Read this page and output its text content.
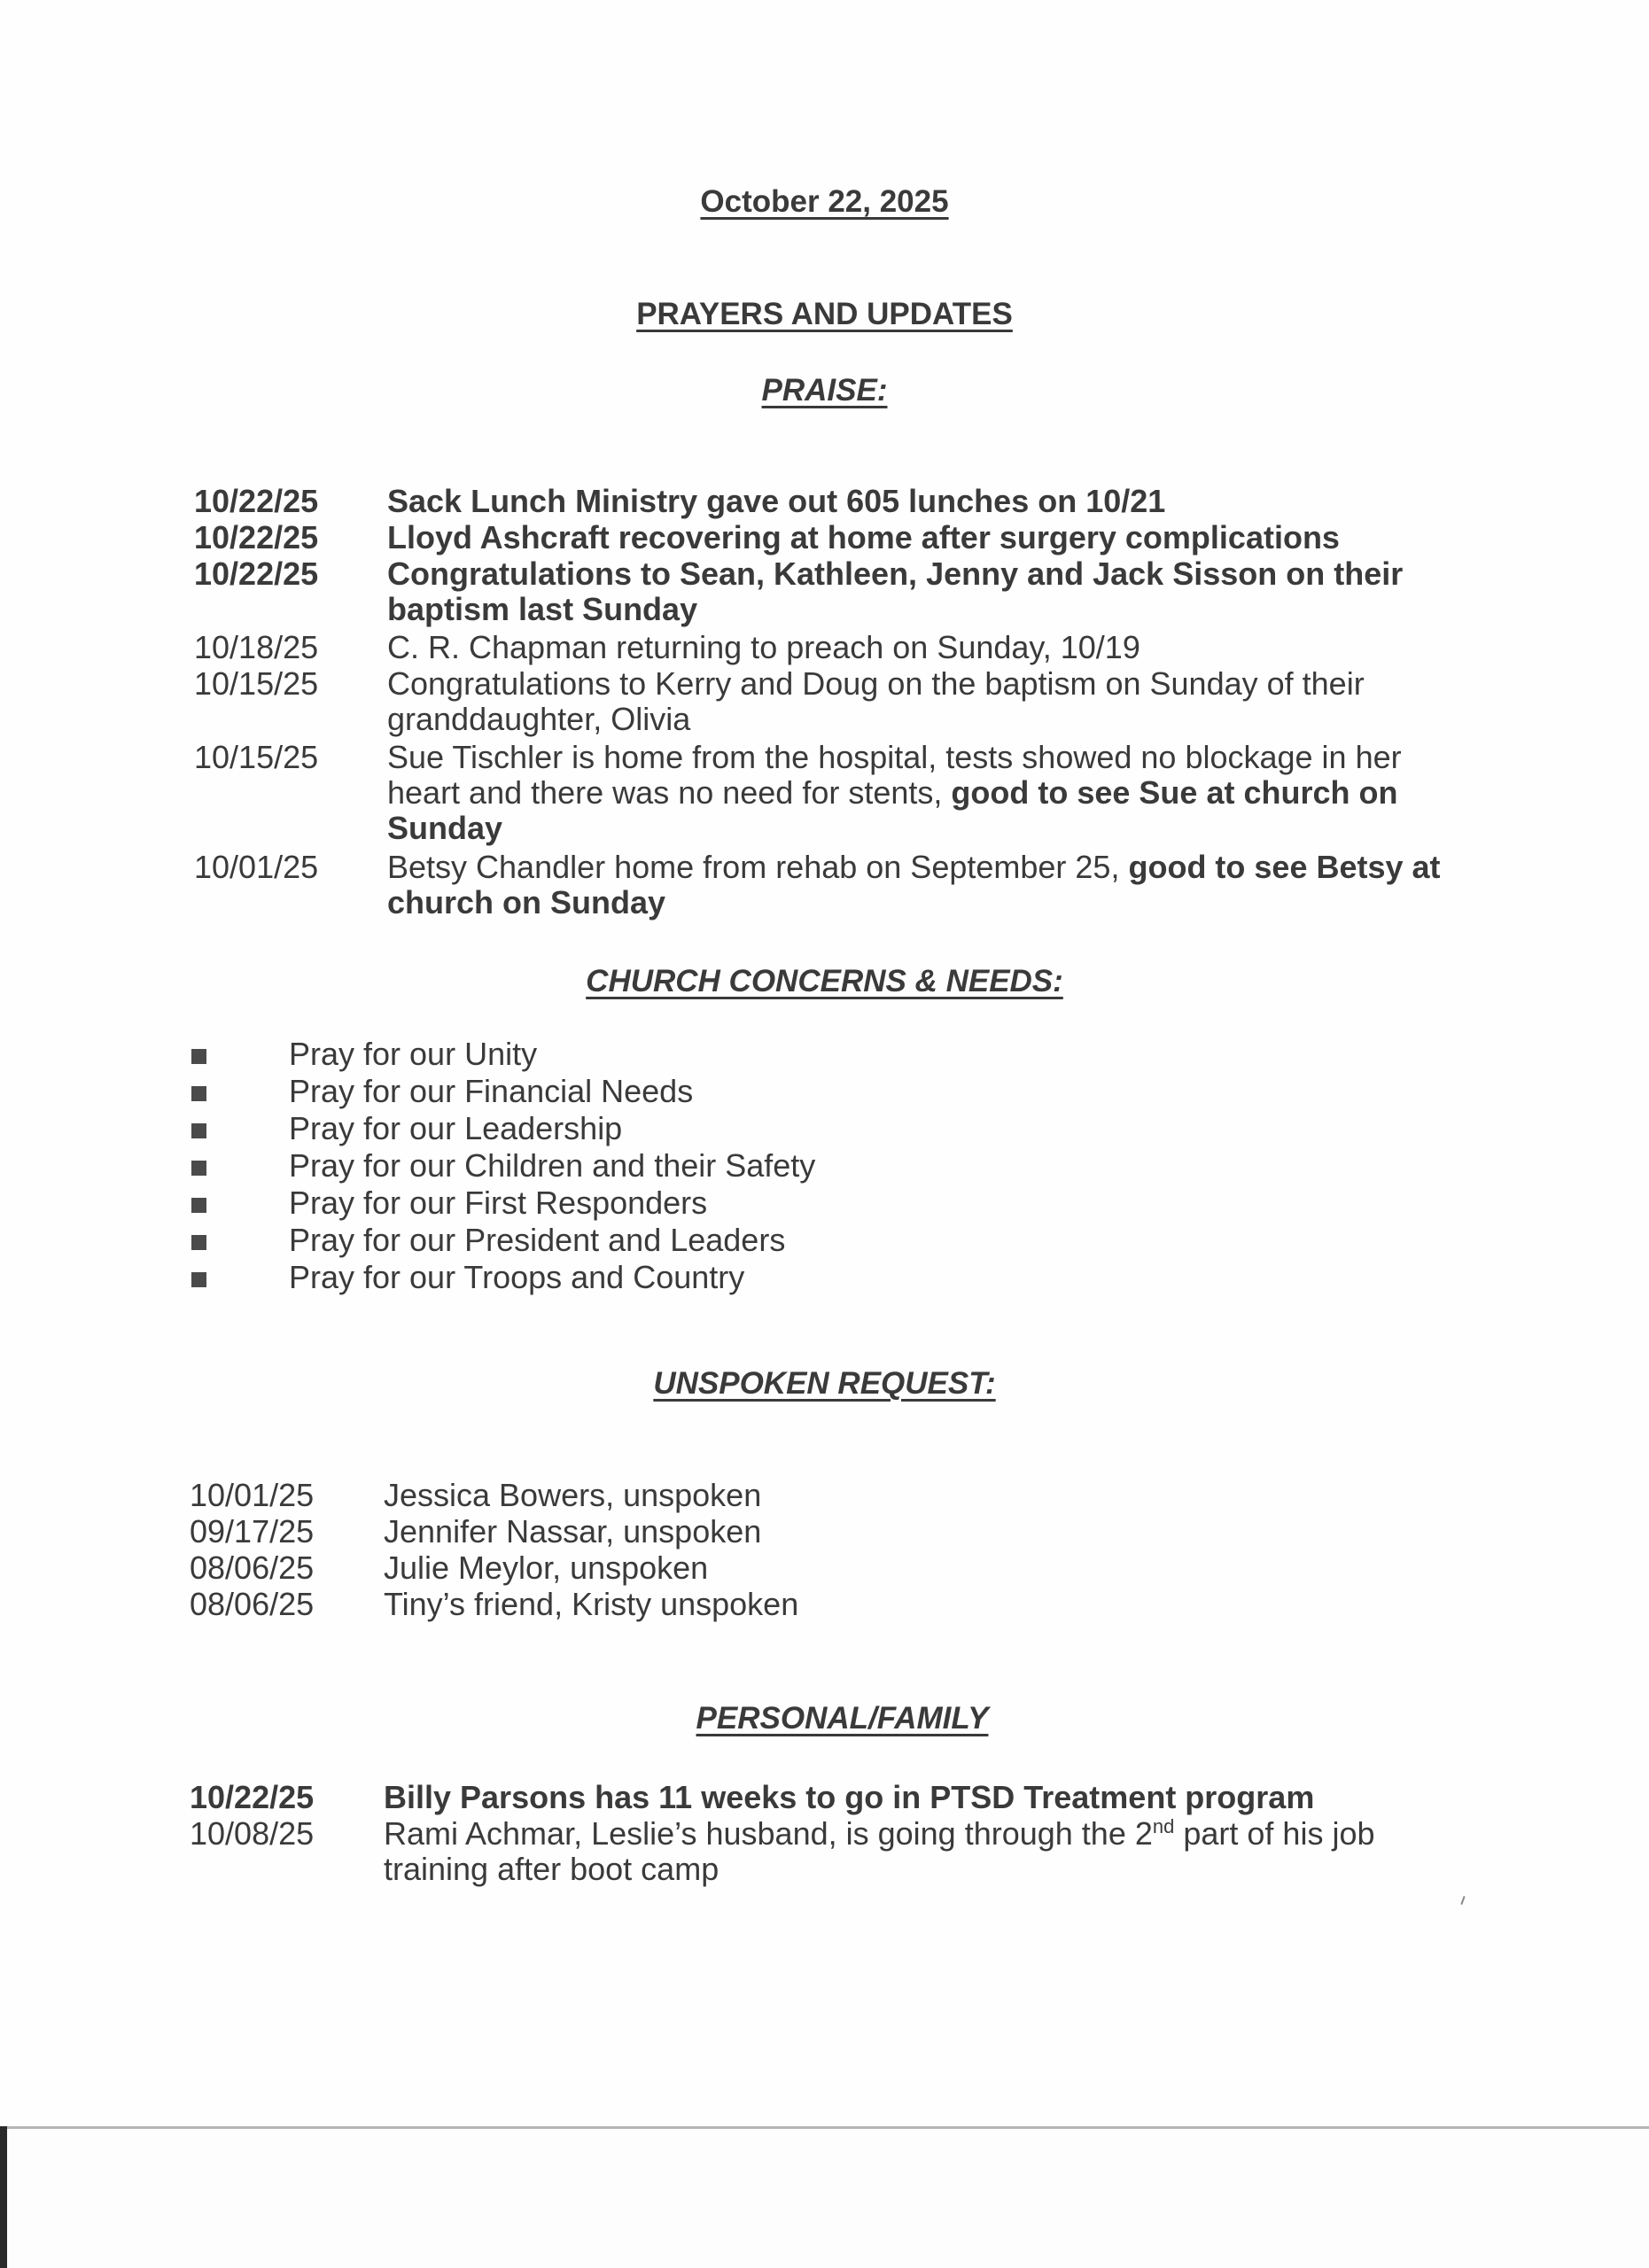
October 22, 2025
PRAYERS AND UPDATES
PRAISE:
10/22/25 Sack Lunch Ministry gave out 605 lunches on 10/21
10/22/25 Lloyd Ashcraft recovering at home after surgery complications
10/22/25 Congratulations to Sean, Kathleen, Jenny and Jack Sisson on their baptism last Sunday
10/18/25 C. R. Chapman returning to preach on Sunday, 10/19
10/15/25 Congratulations to Kerry and Doug on the baptism on Sunday of their granddaughter, Olivia
10/15/25 Sue Tischler is home from the hospital, tests showed no blockage in her heart and there was no need for stents, good to see Sue at church on Sunday
10/01/25 Betsy Chandler home from rehab on September 25, good to see Betsy at church on Sunday
CHURCH CONCERNS & NEEDS:
Pray for our Unity
Pray for our Financial Needs
Pray for our Leadership
Pray for our Children and their Safety
Pray for our First Responders
Pray for our President and Leaders
Pray for our Troops and Country
UNSPOKEN REQUEST:
10/01/25 Jessica Bowers, unspoken
09/17/25 Jennifer Nassar, unspoken
08/06/25 Julie Meylor, unspoken
08/06/25 Tiny’s friend, Kristy unspoken
PERSONAL/FAMILY
10/22/25 Billy Parsons has 11 weeks to go in PTSD Treatment program
10/08/25 Rami Achmar, Leslie’s husband, is going through the 2nd part of his job training after boot camp
